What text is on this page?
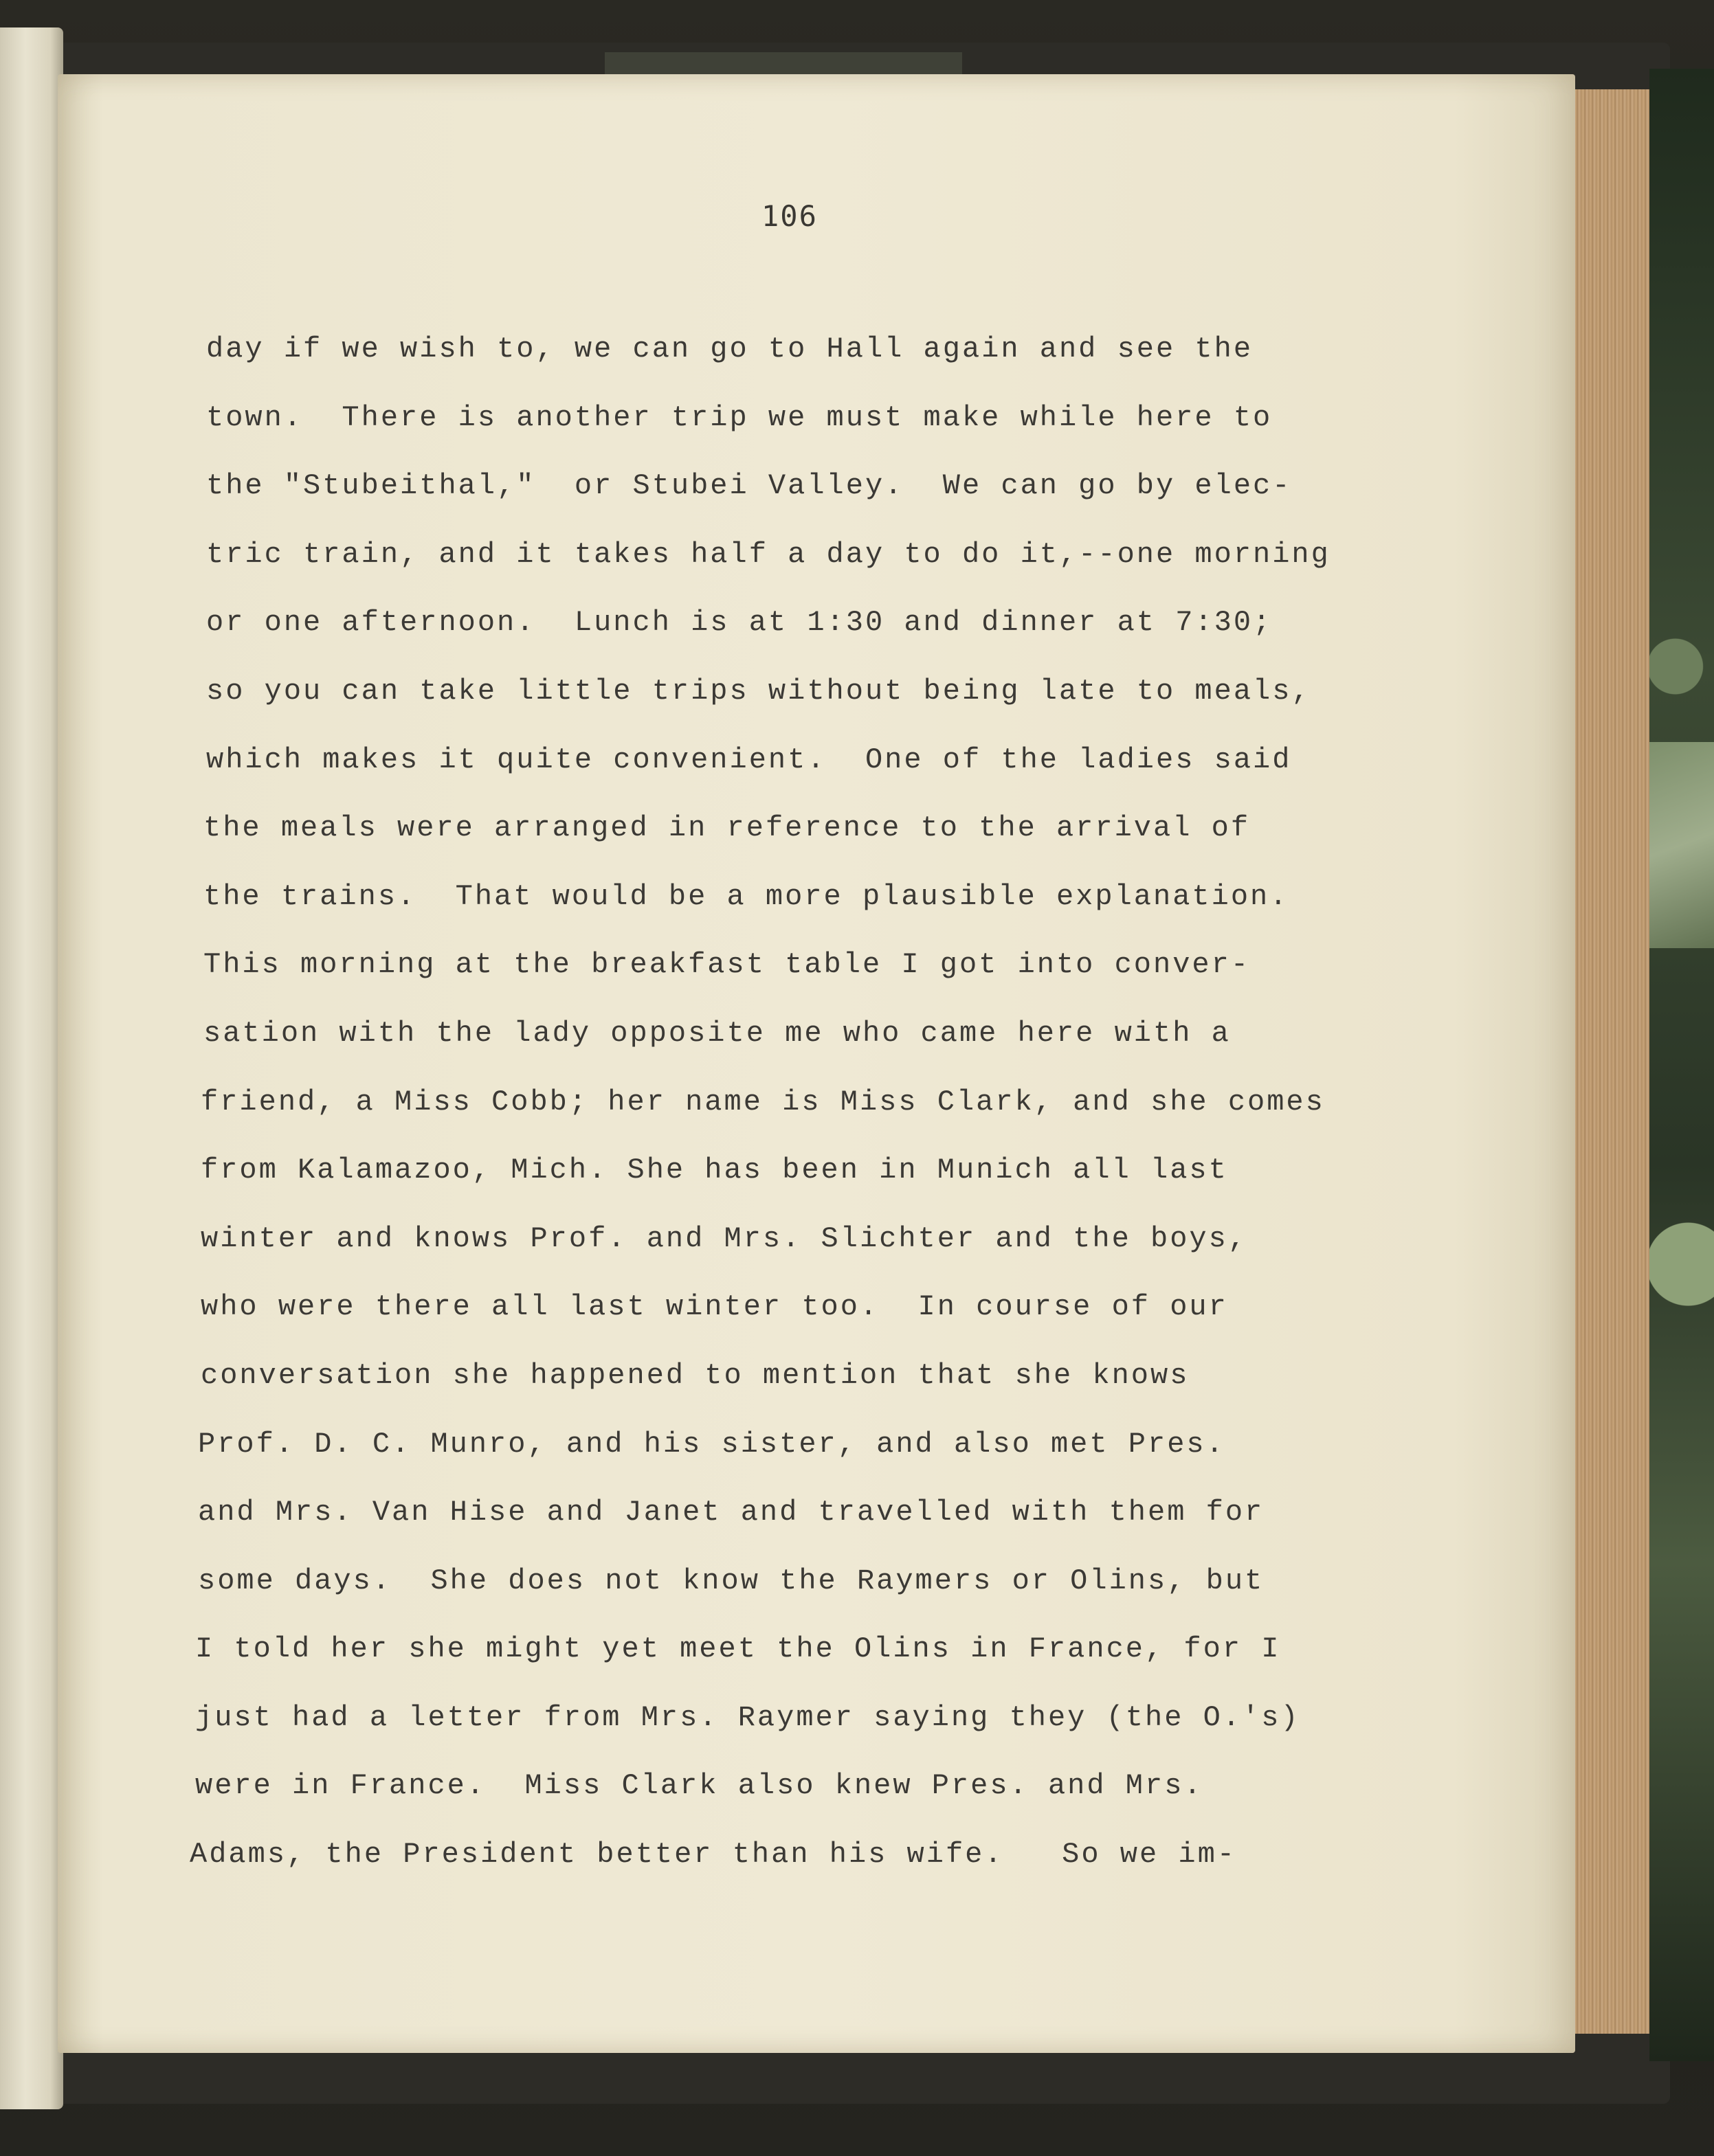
106
day if we wish to, we can go to Hall again and see the
town.  There is another trip we must make while here to
the "Stubeithal,"  or Stubei Valley.  We can go by elec-
tric train, and it takes half a day to do it,--one morning
or one afternoon.  Lunch is at 1:30 and dinner at 7:30;
so you can take little trips without being late to meals,
which makes it quite convenient.  One of the ladies said
the meals were arranged in reference to the arrival of
the trains.  That would be a more plausible explanation.
This morning at the breakfast table I got into conver-
sation with the lady opposite me who came here with a
friend, a Miss Cobb; her name is Miss Clark, and she comes
from Kalamazoo, Mich. She has been in Munich all last
winter and knows Prof. and Mrs. Slichter and the boys,
who were there all last winter too.  In course of our
conversation she happened to mention that she knows
Prof. D. C. Munro, and his sister, and also met Pres.
and Mrs. Van Hise and Janet and travelled with them for
some days.  She does not know the Raymers or Olins, but
I told her she might yet meet the Olins in France, for I
just had a letter from Mrs. Raymer saying they (the O.'s)
were in France.  Miss Clark also knew Pres. and Mrs.
Adams, the President better than his wife.   So we im-
